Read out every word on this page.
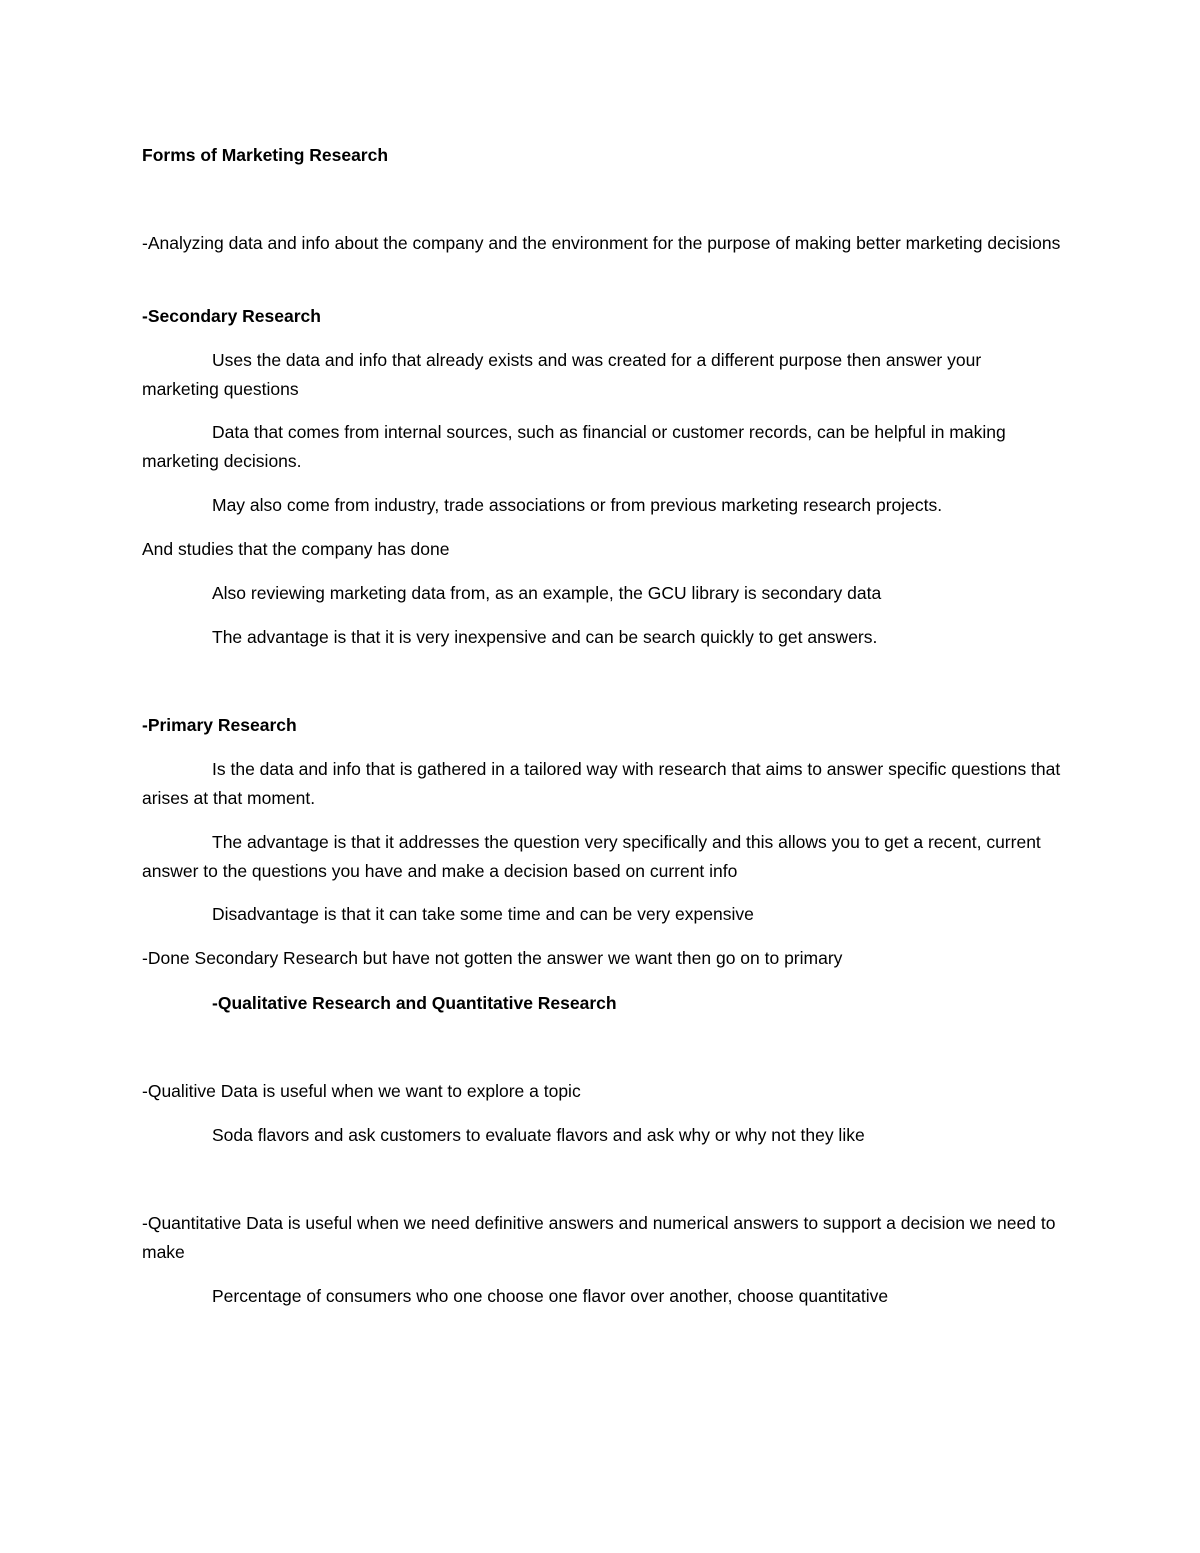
Forms of Marketing Research

-Analyzing data and info about the company and the environment for the purpose of making better marketing decisions

-Secondary Research

Uses the data and info that already exists and was created for a different purpose then answer your marketing questions

Data that comes from internal sources, such as financial or customer records, can be helpful in making marketing decisions.

May also come from industry, trade associations or from previous marketing research projects.

And studies that the company has done

Also reviewing marketing data from, as an example, the GCU library is secondary data

The advantage is that it is very inexpensive and can be search quickly to get answers.

-Primary Research

Is the data and info that is gathered in a tailored way with research that aims to answer specific questions that arises at that moment.

The advantage is that it addresses the question very specifically and this allows you to get a recent, current answer to the questions you have and make a decision based on current info

Disadvantage is that it can take some time and can be very expensive

-Done Secondary Research but have not gotten the answer we want then go on to primary

-Qualitative Research and Quantitative Research

-Qualitive Data is useful when we want to explore a topic

Soda flavors and ask customers to evaluate flavors and ask why or why not they like

-Quantitative Data is useful when we need definitive answers and numerical answers to support a decision we need to make

Percentage of consumers who one choose one flavor over another, choose quantitative
